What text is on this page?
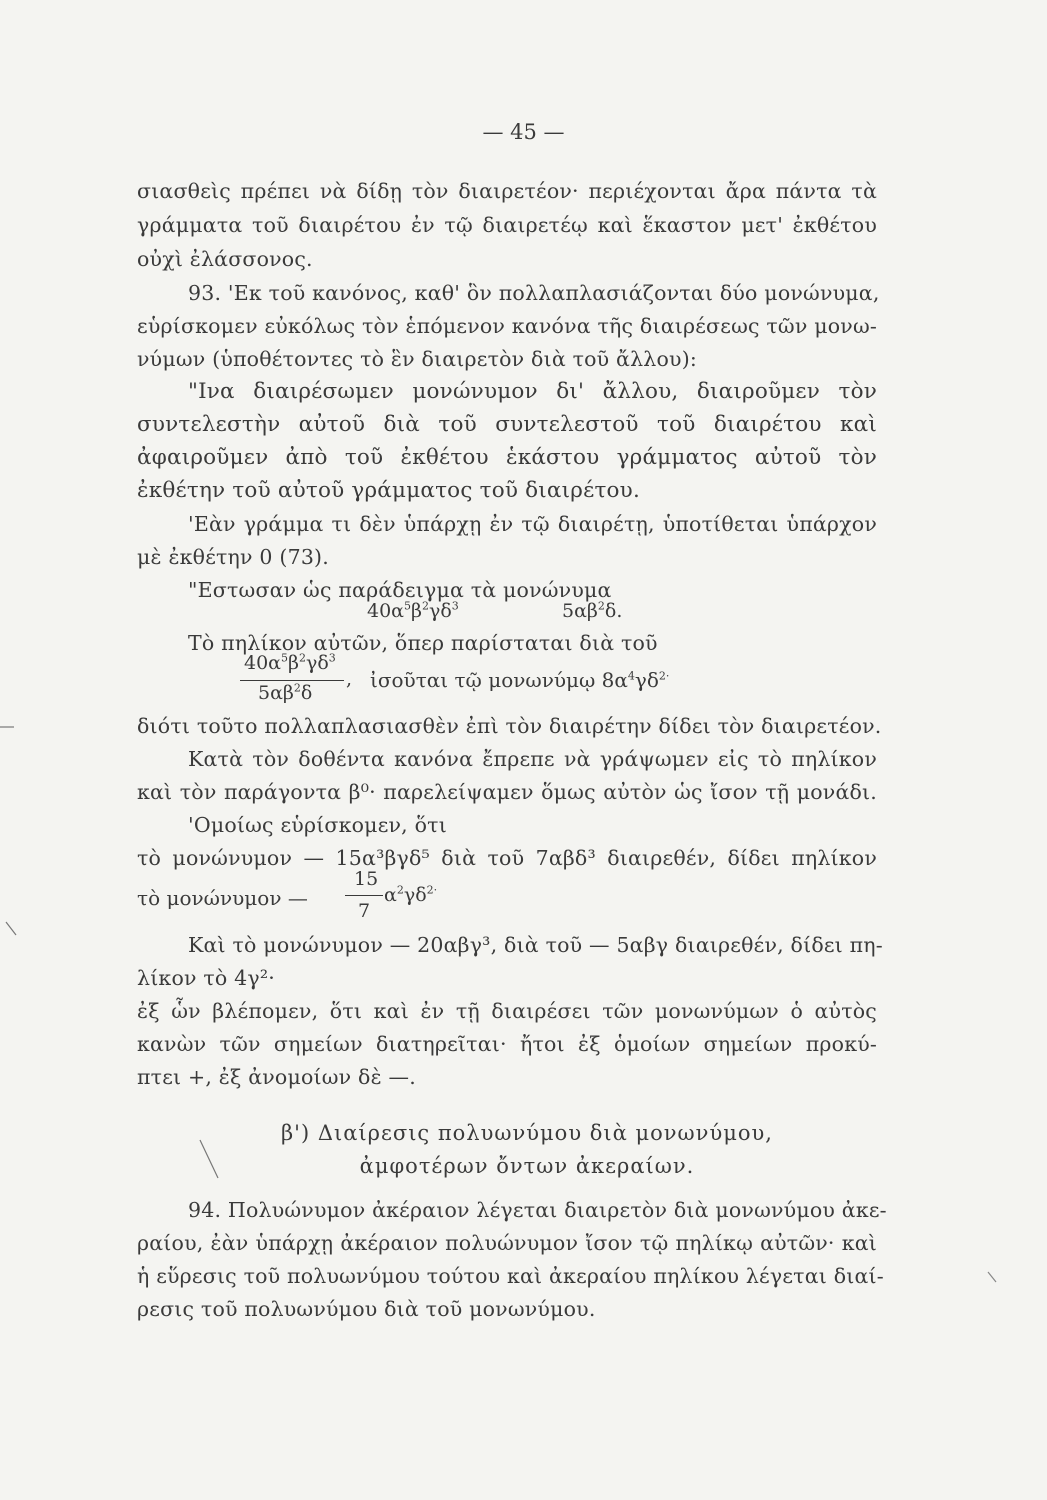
— 45 —
σιασθεὶς πρέπει νὰ δίδῃ τὸν διαιρετέον· περιέχονται ἄρα πάντα τὰ
γράμματα τοῦ διαιρέτου ἐν τῷ διαιρετέῳ καὶ ἕκαστον μετ' ἐκθέτου
οὐχὶ ἐλάσσονος.
93. 'Εκ τοῦ κανόνος, καθ' ὃν πολλαπλασιάζονται δύο μονώνυμα,
εὑρίσκομεν εὐκόλως τὸν ἑπόμενον κανόνα τῆς διαιρέσεως τῶν μονω-
νύμων (ὑποθέτοντες τὸ ἓν διαιρετὸν διὰ τοῦ ἄλλου):
"Ινα διαιρέσωμεν μονώνυμον δι' ἄλλου, διαιροῦμεν τὸν
συντελεστὴν αὐτοῦ διὰ τοῦ συντελεστοῦ τοῦ διαιρέτου καὶ
ἀφαιροῦμεν ἀπὸ τοῦ ἐκθέτου ἑκάστου γράμματος αὐτοῦ τὸν
ἐκθέτην τοῦ αὐτοῦ γράμματος τοῦ διαιρέτου.
'Εὰν γράμμα τι δὲν ὑπάρχῃ ἐν τῷ διαιρέτῃ, ὑποτίθεται ὑπάρχον
μὲ ἐκθέτην 0 (73).
"Εστωσαν ὡς παράδειγμα τὰ μονώνυμα
$40\alpha^5\beta^2\gamma\delta^3$	$5\alpha\beta^2\delta$.
Τὸ πηλίκον αὐτῶν, ὅπερ παρίσταται διὰ τοῦ
$40\alpha^5\beta^2\gamma\delta^3$
,
$5\alpha\beta^2\delta$
ἰσοῦται τῷ μονωνύμῳ $8\alpha^4\gamma\delta^{2\cdot}$
διότι τοῦτο πολλαπλασιασθὲν ἐπὶ τὸν διαιρέτην δίδει τὸν διαιρετέον.
Κατὰ τὸν δοθέντα κανόνα ἔπρεπε νὰ γράψωμεν εἰς τὸ πηλίκον
καὶ τὸν παράγοντα β⁰· παρελείψαμεν ὅμως αὐτὸν ὡς ἴσον τῇ μονάδι.
'Ομοίως εὑρίσκομεν, ὅτι
τὸ μονώνυμον — 15α³βγδ⁵ διὰ τοῦ 7αβδ³ διαιρεθέν, δίδει πηλίκον
τὸ μονώνυμον —
15
7
$\alpha^2\gamma\delta^{2\cdot}$
Καὶ τὸ μονώνυμον — 20αβγ³, διὰ τοῦ — 5αβγ διαιρεθέν, δίδει πη-
λίκον τὸ 4γ²·
ἐξ ὧν βλέπομεν, ὅτι καὶ ἐν τῇ διαιρέσει τῶν μονωνύμων ὁ αὐτὸς
κανὼν τῶν σημείων διατηρεῖται· ἤτοι ἐξ ὁμοίων σημείων προκύ-
πτει +, ἐξ ἀνομοίων δὲ —.
β') Διαίρεσις πολυωνύμου διὰ μονωνύμου,
ἀμφοτέρων ὄντων ἀκεραίων.
94. Πολυώνυμον ἀκέραιον λέγεται διαιρετὸν διὰ μονωνύμου ἀκε-
ραίου, ἐὰν ὑπάρχῃ ἀκέραιον πολυώνυμον ἴσον τῷ πηλίκῳ αὐτῶν· καὶ
ἡ εὕρεσις τοῦ πολυωνύμου τούτου καὶ ἀκεραίου πηλίκου λέγεται διαί-
ρεσις τοῦ πολυωνύμου διὰ τοῦ μονωνύμου.
